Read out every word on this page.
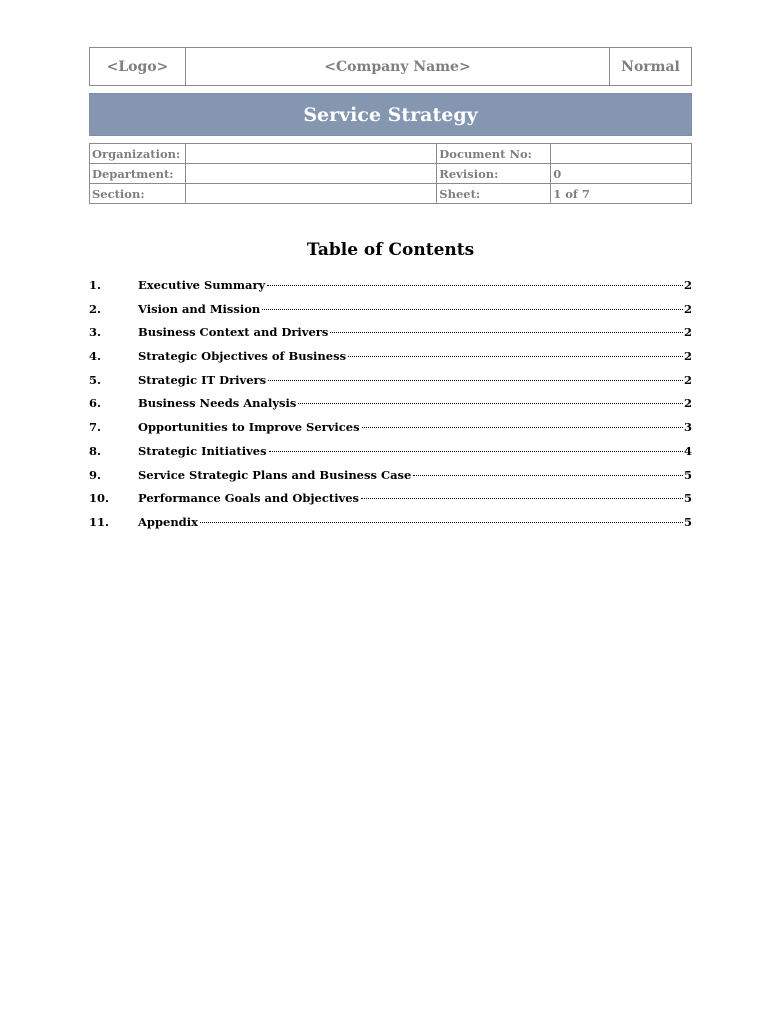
<Logo>	<Company Name>	Normal
Service Strategy
Organization:		Document No:	
Department:		Revision:	0
Section:		Sheet:	1 of 7
Table of Contents
1.	Executive Summary	2
2.	Vision and Mission	2
3.	Business Context and Drivers	2
4.	Strategic Objectives of Business	2
5.	Strategic IT Drivers	2
6.	Business Needs Analysis	2
7.	Opportunities to Improve Services	3
8.	Strategic Initiatives	4
9.	Service Strategic Plans and Business Case	5
10.	Performance Goals and Objectives	5
11.	Appendix	5
